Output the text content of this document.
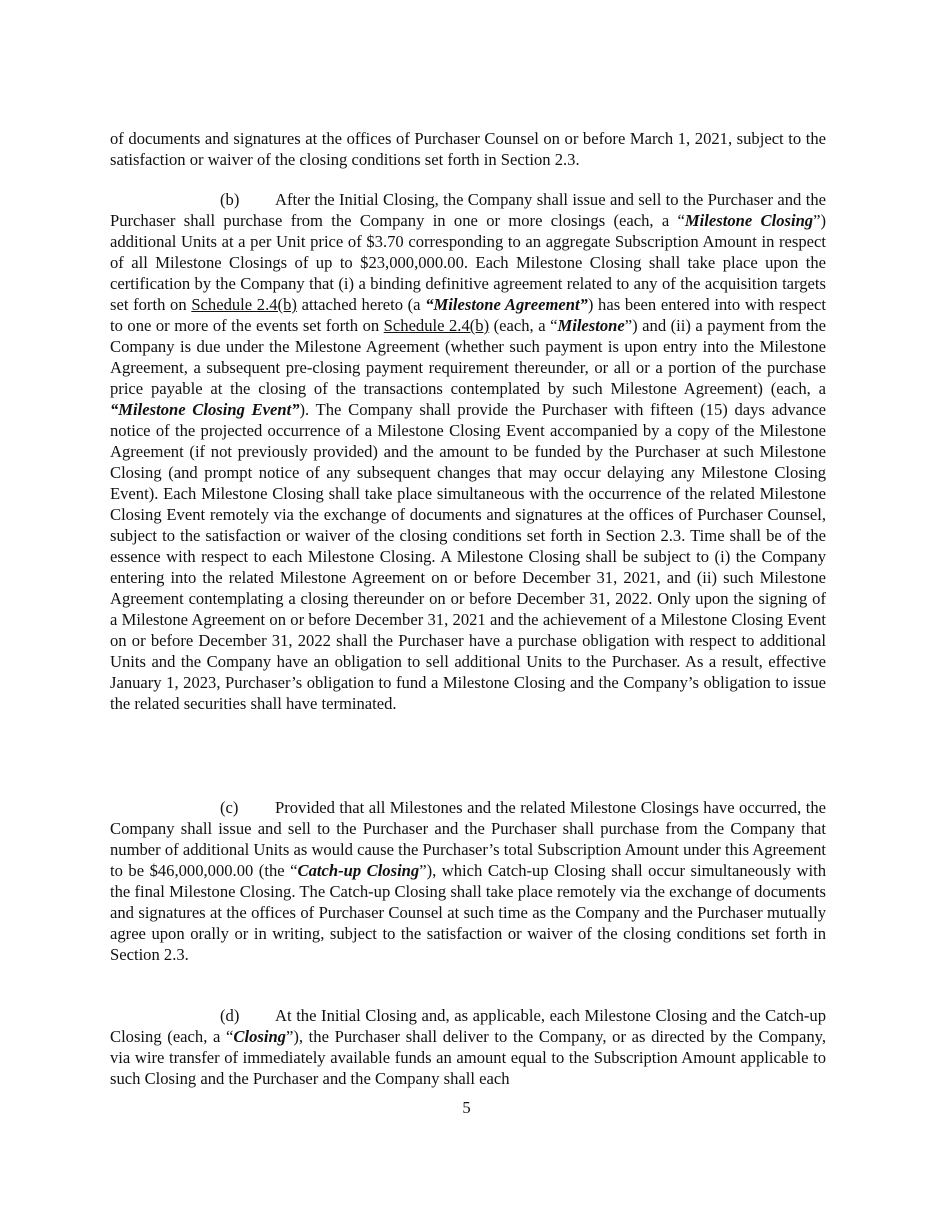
of documents and signatures at the offices of Purchaser Counsel on or before March 1, 2021, subject to the satisfaction or waiver of the closing conditions set forth in Section 2.3.

(b) After the Initial Closing, the Company shall issue and sell to the Purchaser and the Purchaser shall purchase from the Company in one or more closings (each, a “Milestone Closing”) additional Units at a per Unit price of $3.70 corresponding to an aggregate Subscription Amount in respect of all Milestone Closings of up to $23,000,000.00. Each Milestone Closing shall take place upon the certification by the Company that (i) a binding definitive agreement related to any of the acquisition targets set forth on Schedule 2.4(b) attached hereto (a “Milestone Agreement”) has been entered into with respect to one or more of the events set forth on Schedule 2.4(b) (each, a “Milestone”) and (ii) a payment from the Company is due under the Milestone Agreement (whether such payment is upon entry into the Milestone Agreement, a subsequent pre-closing payment requirement thereunder, or all or a portion of the purchase price payable at the closing of the transactions contemplated by such Milestone Agreement) (each, a “Milestone Closing Event”). The Company shall provide the Purchaser with fifteen (15) days advance notice of the projected occurrence of a Milestone Closing Event accompanied by a copy of the Milestone Agreement (if not previously provided) and the amount to be funded by the Purchaser at such Milestone Closing (and prompt notice of any subsequent changes that may occur delaying any Milestone Closing Event). Each Milestone Closing shall take place simultaneous with the occurrence of the related Milestone Closing Event remotely via the exchange of documents and signatures at the offices of Purchaser Counsel, subject to the satisfaction or waiver of the closing conditions set forth in Section 2.3. Time shall be of the essence with respect to each Milestone Closing. A Milestone Closing shall be subject to (i) the Company entering into the related Milestone Agreement on or before December 31, 2021, and (ii) such Milestone Agreement contemplating a closing thereunder on or before December 31, 2022. Only upon the signing of a Milestone Agreement on or before December 31, 2021 and the achievement of a Milestone Closing Event on or before December 31, 2022 shall the Purchaser have a purchase obligation with respect to additional Units and the Company have an obligation to sell additional Units to the Purchaser. As a result, effective January 1, 2023, Purchaser’s obligation to fund a Milestone Closing and the Company’s obligation to issue the related securities shall have terminated.

(c) Provided that all Milestones and the related Milestone Closings have occurred, the Company shall issue and sell to the Purchaser and the Purchaser shall purchase from the Company that number of additional Units as would cause the Purchaser’s total Subscription Amount under this Agreement to be $46,000,000.00 (the “Catch-up Closing”), which Catch-up Closing shall occur simultaneously with the final Milestone Closing. The Catch-up Closing shall take place remotely via the exchange of documents and signatures at the offices of Purchaser Counsel at such time as the Company and the Purchaser mutually agree upon orally or in writing, subject to the satisfaction or waiver of the closing conditions set forth in Section 2.3.

(d) At the Initial Closing and, as applicable, each Milestone Closing and the Catch-up Closing (each, a “Closing”), the Purchaser shall deliver to the Company, or as directed by the Company, via wire transfer of immediately available funds an amount equal to the Subscription Amount applicable to such Closing and the Purchaser and the Company shall each

5
